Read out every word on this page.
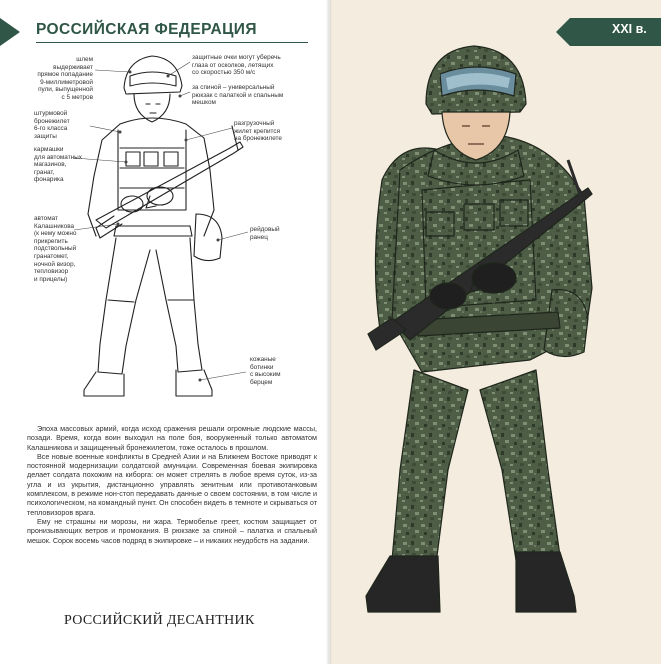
РОССИЙСКАЯ ФЕДЕРАЦИЯ
шлем выдерживает
прямое попадание
9-миллиметровой
пули, выпущенной
с 5 метров
защитные очки могут уберечь
глаза от осколков, летящих
со скоростью 350 м/с
за спиной – универсальный
рюкзак с палаткой и спальным
мешком
штурмовой
бронежилет
6-го класса
защиты
разгрузочный
жилет крепится
на бронежилете
кармашки
для автоматных
магазинов,
гранат,
фонарика
автомат
Калашникова
(к нему можно
прикрепить
подствольный
гранатомет,
ночной визор,
тепловизор
и прицелы)
рейдовый
ранец
кожаные
ботинки
с высоким
берцем

Эпоха массовых армий, когда исход сражения решали огромные людские массы, позади. Время, когда воин выходил на поле боя, вооруженный только автоматом Калашникова и защищенный бронежилетом, тоже осталось в прошлом.

Все новые военные конфликты в Средней Азии и на Ближнем Востоке приводят к постоянной модернизации солдатской амуниции. Современная боевая экипировка делает солдата похожим на киборга: он может стрелять в любое время суток, из-за угла и из укрытия, дистанционно управлять зенитным или противотанковым комплексом, в режиме нон-стоп передавать данные о своем состоянии, в том числе и психологическом, на командный пункт. Он способен видеть в темноте и скрываться от тепловизоров врага.

Ему не страшны ни морозы, ни жара. Термобелье греет, костюм защищает от пронизывающих ветров и промокания. В рюкзаке за спиной – палатка и спальный мешок. Сорок восемь часов подряд в экипировке – и никаких неудобств на задании.

РОССИЙСКИЙ ДЕСАНТНИК
XXI в.
